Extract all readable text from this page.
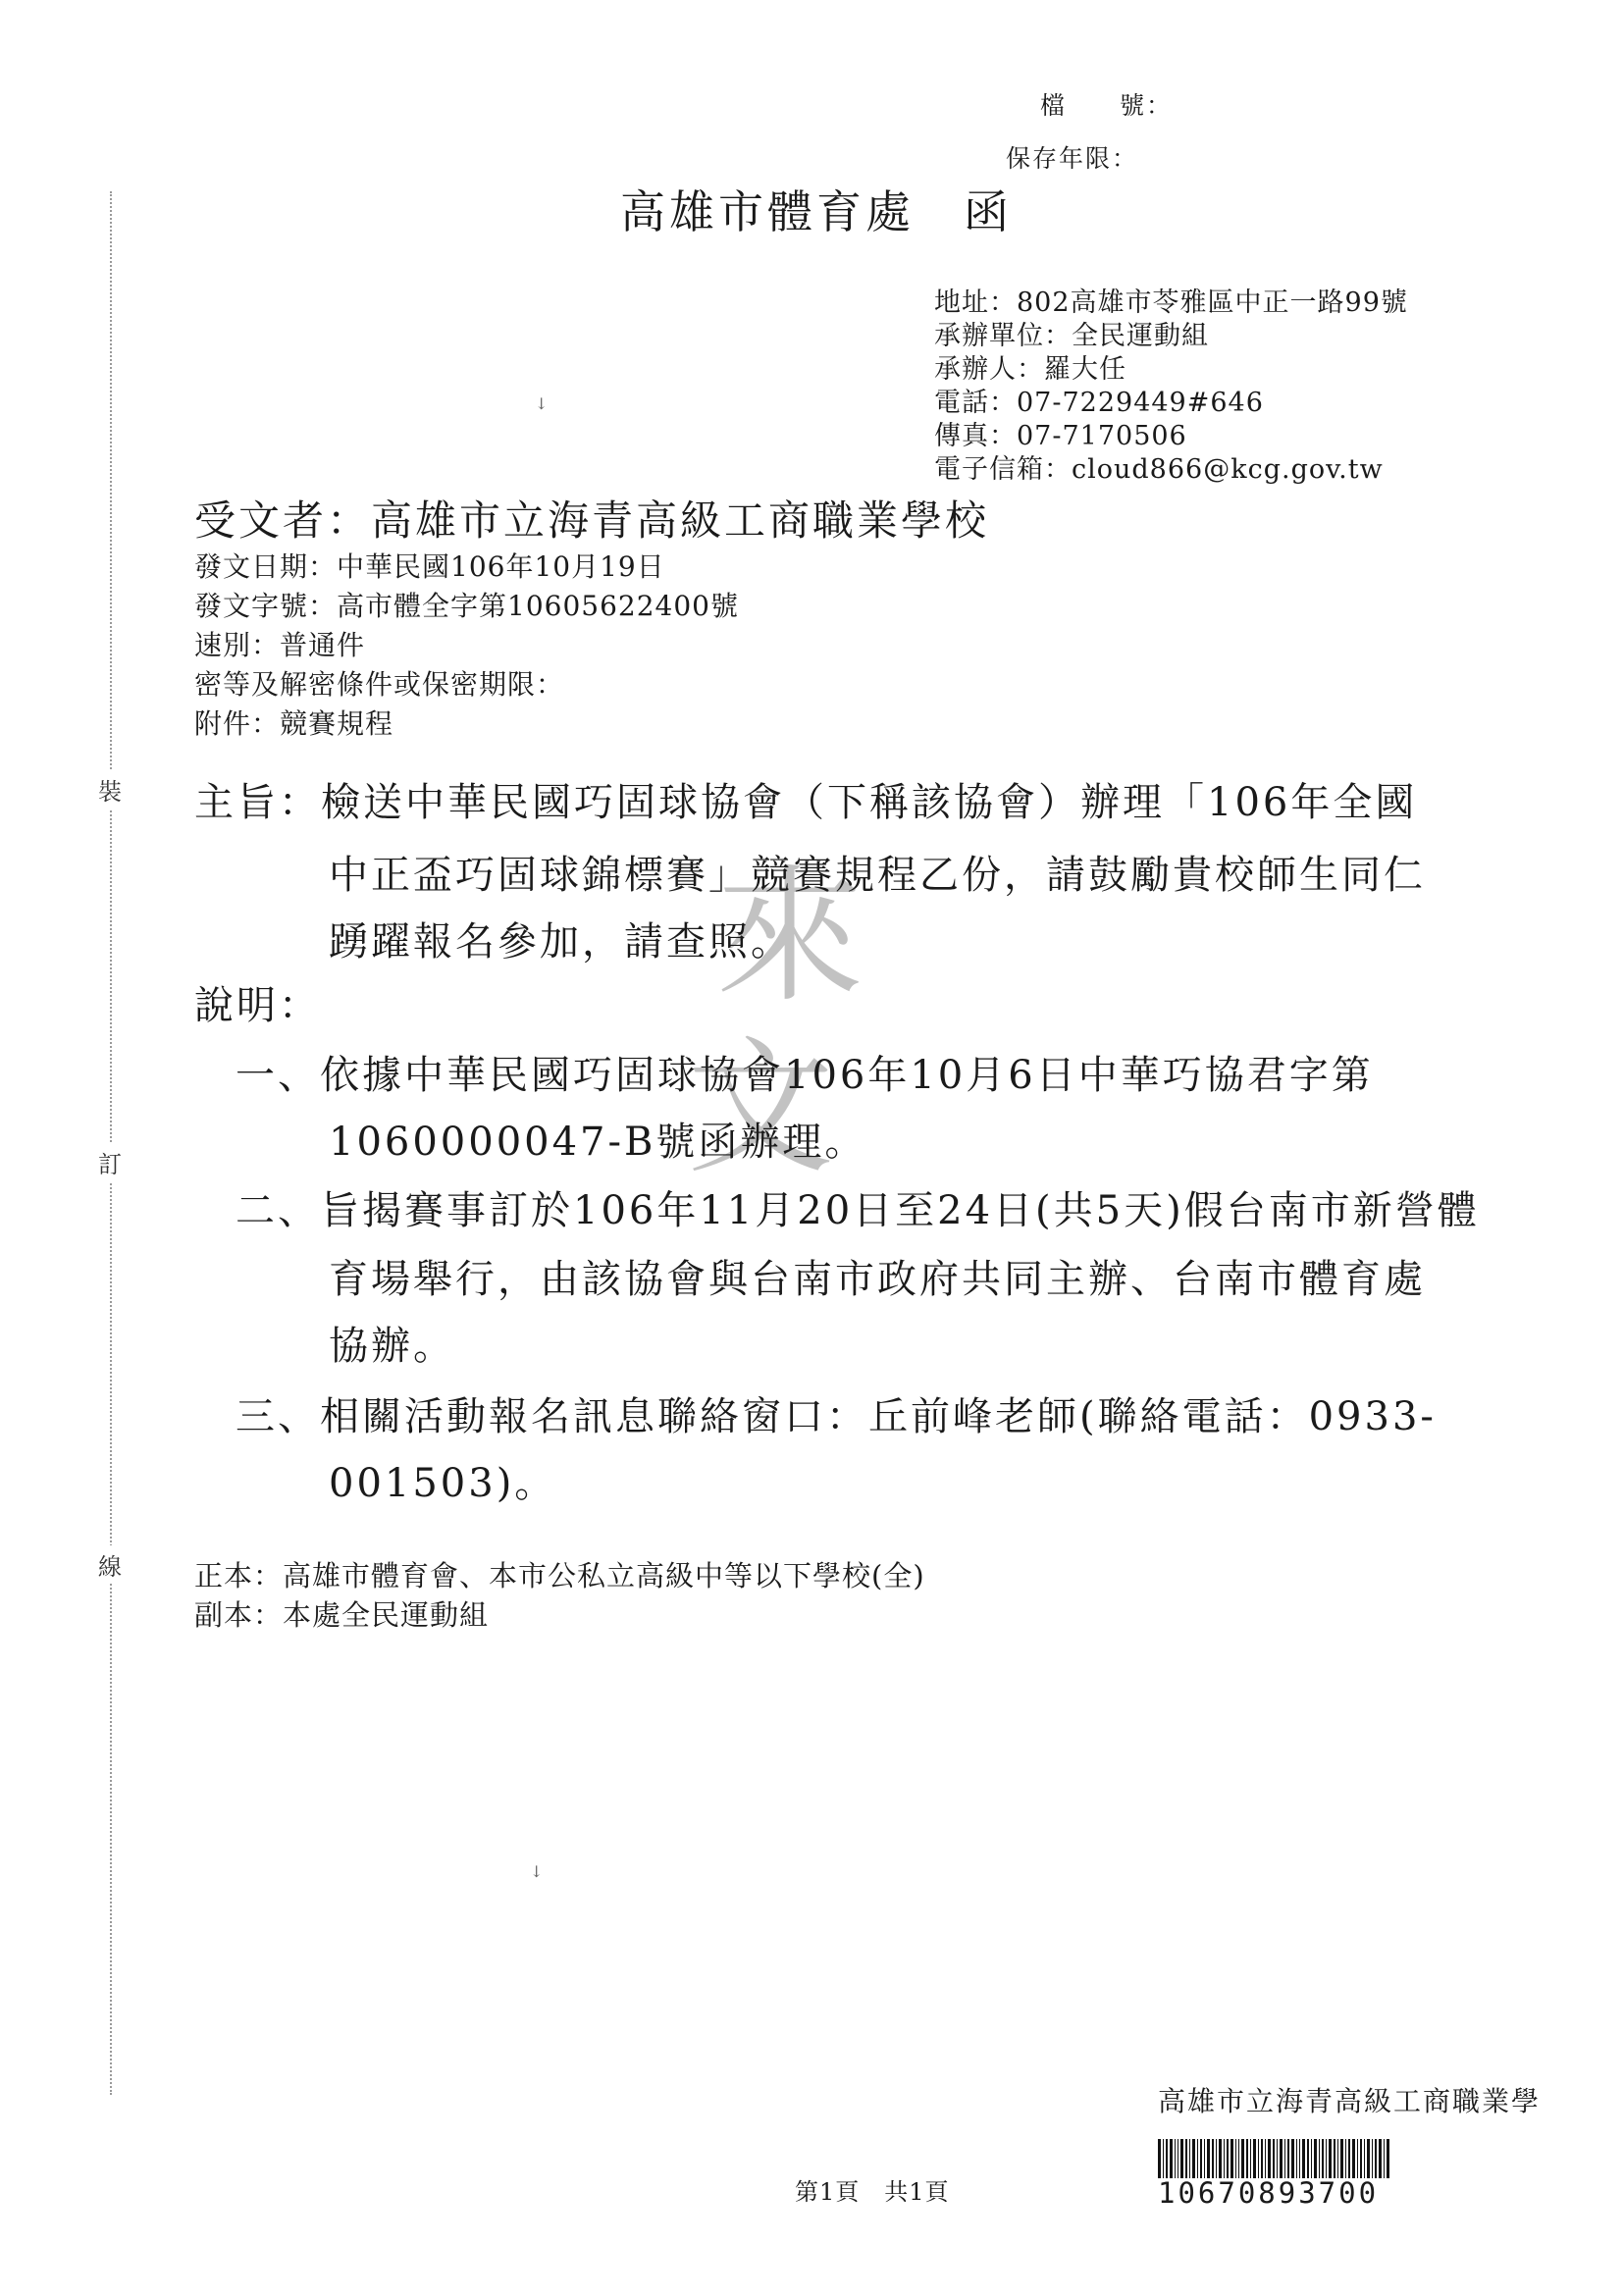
裝
訂
線
檔　　號：
保存年限：
高雄市體育處　函
地址：802高雄市苓雅區中正一路99號
承辦單位：全民運動組
承辦人：羅大任
電話：07-7229449#646
傳真：07-7170506
電子信箱：cloud866@kcg.gov.tw
↓
受文者：高雄市立海青高級工商職業學校
發文日期：中華民國106年10月19日
發文字號：高市體全字第10605622400號
速別：普通件
密等及解密條件或保密期限：
附件：競賽規程
來
文
主旨：檢送中華民國巧固球協會（下稱該協會）辦理「106年全國
中正盃巧固球錦標賽」競賽規程乙份，請鼓勵貴校師生同仁
踴躍報名參加，請查照。
說明：
一、依據中華民國巧固球協會106年10月6日中華巧協君字第
1060000047-B號函辦理。
二、旨揭賽事訂於106年11月20日至24日(共5天)假台南市新營體
育場舉行，由該協會與台南市政府共同主辦、台南市體育處
協辦。
三、相關活動報名訊息聯絡窗口：丘前峰老師(聯絡電話：0933-
001503)。
正本：高雄市體育會、本市公私立高級中等以下學校(全)
副本：本處全民運動組
↓
第1頁　共1頁
高雄市立海青高級工商職業學
10670893700
